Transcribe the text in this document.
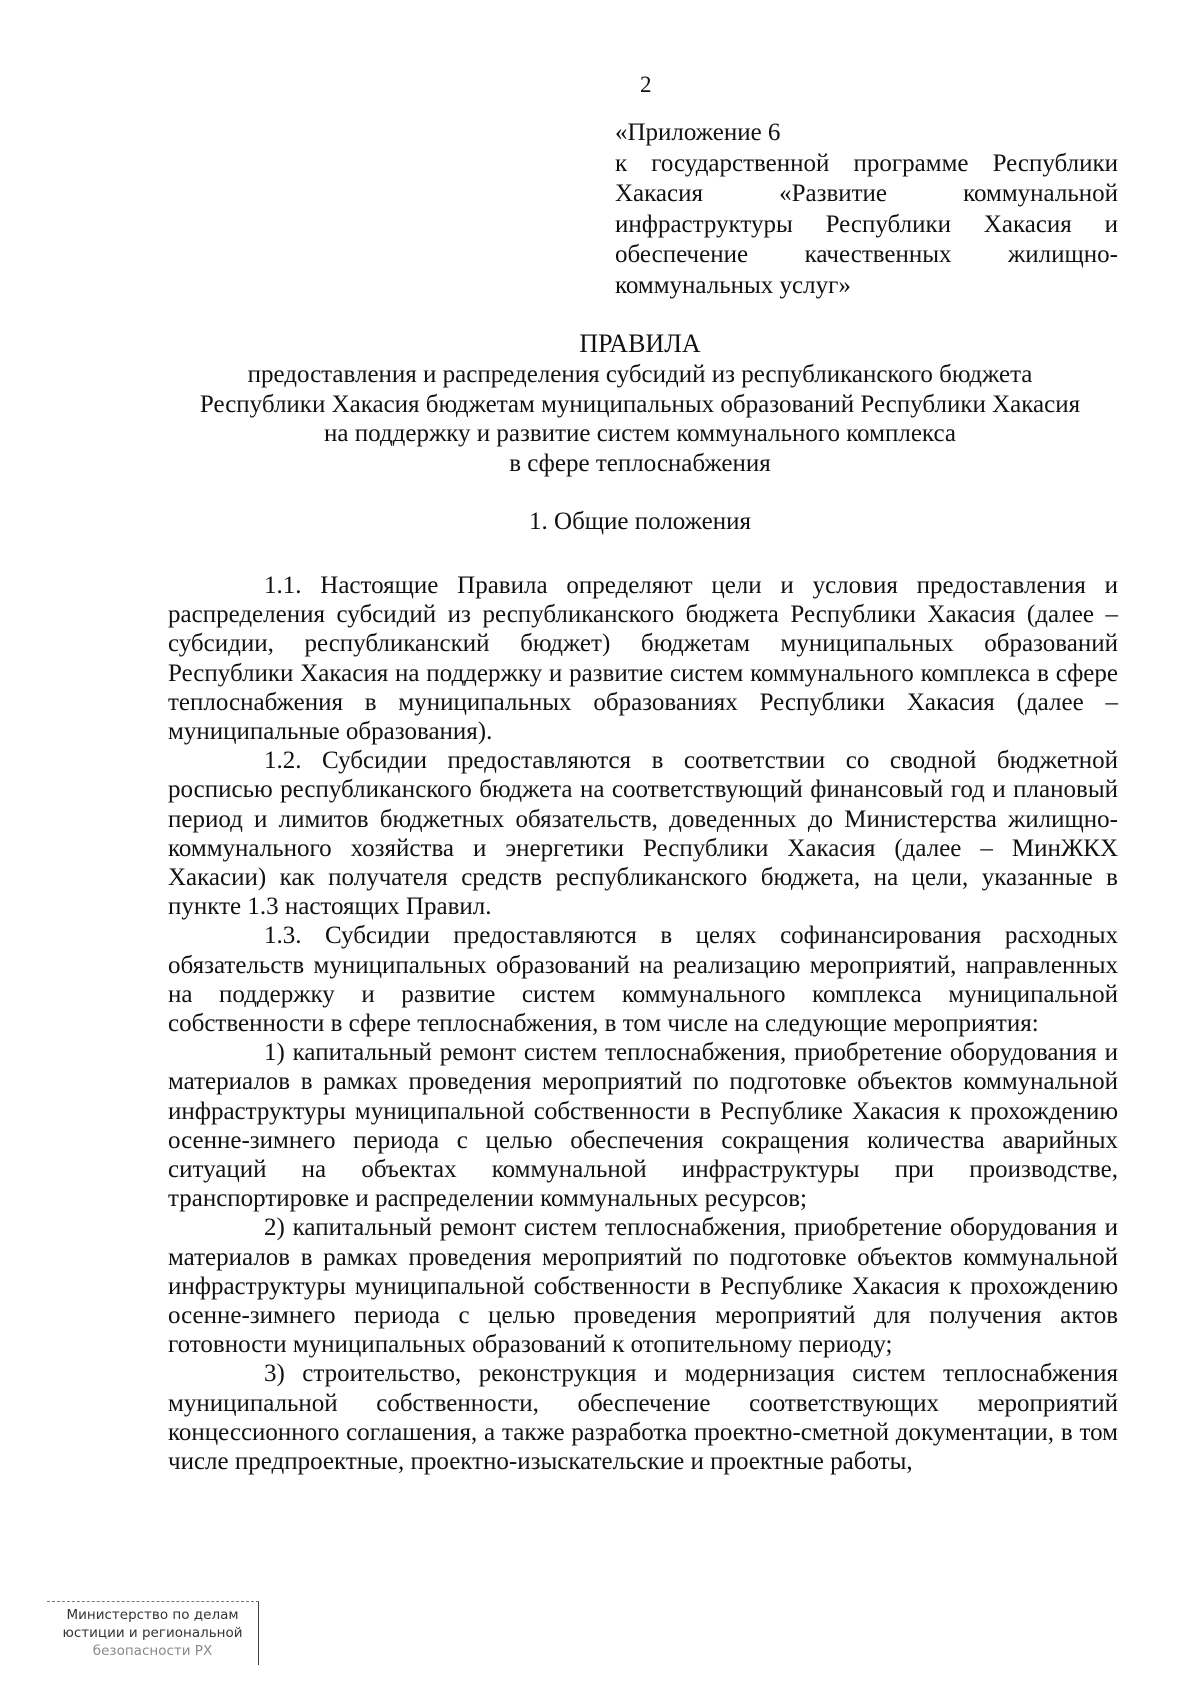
2
«Приложение 6
к государственной программе Республики
Хакасия «Развитие коммунальной
инфраструктуры Республики Хакасия и
обеспечение качественных жилищно-
коммунальных услуг»
ПРАВИЛА
предоставления и распределения субсидий из республиканского бюджета
Республики Хакасия бюджетам муниципальных образований Республики Хакасия
на поддержку и развитие систем коммунального комплекса
в сфере теплоснабжения
1. Общие положения

1.1. Настоящие Правила определяют цели и условия предоставления и распределения субсидий из республиканского бюджета Республики Хакасия (далее – субсидии, республиканский бюджет) бюджетам муниципальных образований Республики Хакасия на поддержку и развитие систем коммунального комплекса в сфере теплоснабжения в муниципальных образованиях Республики Хакасия (далее – муниципальные образования).

1.2. Субсидии предоставляются в соответствии со сводной бюджетной росписью республиканского бюджета на соответствующий финансовый год и плановый период и лимитов бюджетных обязательств, доведенных до Министерства жилищно-коммунального хозяйства и энергетики Республики Хакасия (далее – МинЖКХ Хакасии) как получателя средств республиканского бюджета, на цели, указанные в пункте 1.3 настоящих Правил.

1.3. Субсидии предоставляются в целях софинансирования расходных обязательств муниципальных образований на реализацию мероприятий, направленных на поддержку и развитие систем коммунального комплекса муниципальной собственности в сфере теплоснабжения, в том числе на следующие мероприятия:

1) капитальный ремонт систем теплоснабжения, приобретение оборудования и материалов в рамках проведения мероприятий по подготовке объектов коммунальной инфраструктуры муниципальной собственности в Республике Хакасия к прохождению осенне-зимнего периода с целью обеспечения сокращения количества аварийных ситуаций на объектах коммунальной инфраструктуры при производстве, транспортировке и распределении коммунальных ресурсов;

2) капитальный ремонт систем теплоснабжения, приобретение оборудования и материалов в рамках проведения мероприятий по подготовке объектов коммунальной инфраструктуры муниципальной собственности в Республике Хакасия к прохождению осенне-зимнего периода с целью проведения мероприятий для получения актов готовности муниципальных образований к отопительному периоду;

3) строительство, реконструкция и модернизация систем теплоснабжения муниципальной собственности, обеспечение соответствующих мероприятий концессионного соглашения, а также разработка проектно-сметной документации, в том числе предпроектные, проектно-изыскательские и проектные работы,

Министерство по делам
юстиции и региональной
безопасности РХ
